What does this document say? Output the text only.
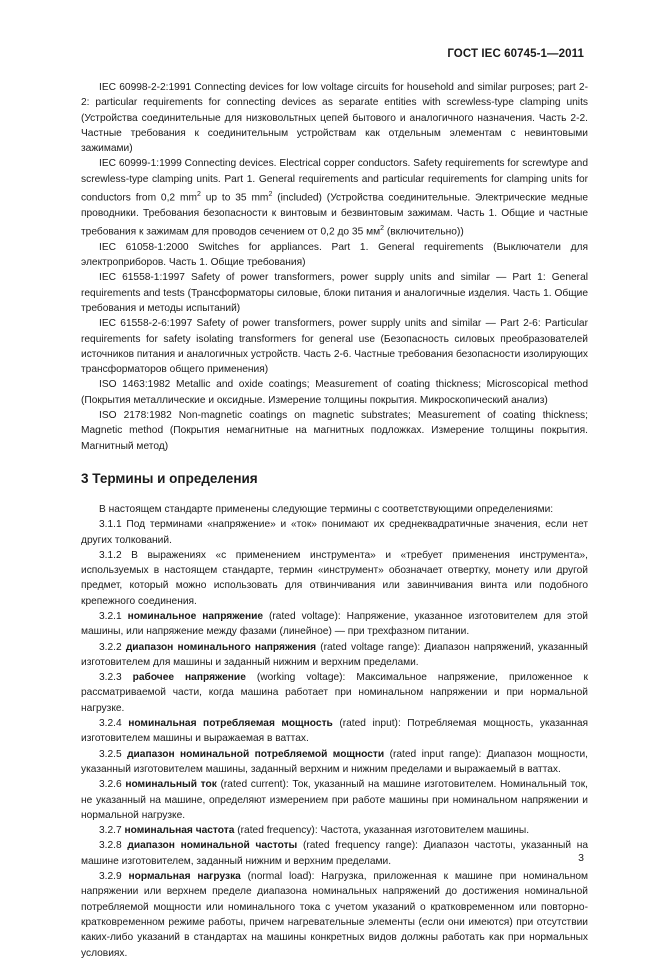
ГОСТ IEC 60745-1—2011

IEC 60998-2-2:1991 Connecting devices for low voltage circuits for household and similar purposes; part 2-2: particular requirements for connecting devices as separate entities with screwless-type clamping units (Устройства соединительные для низковольтных цепей бытового и аналогичного назначения. Часть 2-2. Частные требования к соединительным устройствам как отдельным элементам с невинтовыми зажимами)

IEC 60999-1:1999 Connecting devices. Electrical copper conductors. Safety requirements for screwtype and screwless-type clamping units. Part 1. General requirements and particular requirements for clamping units for conductors from 0,2 $mm^2$ up to 35 $mm^2$ (included) (Устройства соединительные. Электрические медные проводники. Требования безопасности к винтовым и безвинтовым зажимам. Часть 1. Общие и частные требования к зажимам для проводов сечением от 0,2 до 35 $мм^2$ (включительно))

IEC 61058-1:2000 Switches for appliances. Part 1. General requirements (Выключатели для электроприборов. Часть 1. Общие требования)

IEC 61558-1:1997 Safety of power transformers, power supply units and similar — Part 1: General requirements and tests (Трансформаторы силовые, блоки питания и аналогичные изделия. Часть 1. Общие требования и методы испытаний)

IEC 61558-2-6:1997 Safety of power transformers, power supply units and similar — Part 2-6: Particular requirements for safety isolating transformers for general use (Безопасность силовых преобразователей источников питания и аналогичных устройств. Часть 2-6. Частные требования безопасности изолирующих трансформаторов общего применения)

ISO 1463:1982 Metallic and oxide coatings; Measurement of coating thickness; Microscopical method (Покрытия металлические и оксидные. Измерение толщины покрытия. Микроскопический анализ)

ISO 2178:1982 Non-magnetic coatings on magnetic substrates; Measurement of coating thickness; Magnetic method (Покрытия немагнитные на магнитных подложках. Измерение толщины покрытия. Магнитный метод)

3 Термины и определения

В настоящем стандарте применены следующие термины с соответствующими определениями:

3.1.1 Под терминами «напряжение» и «ток» понимают их среднеквадратичные значения, если нет других толкований.

3.1.2 В выражениях «с применением инструмента» и «требует применения инструмента», используемых в настоящем стандарте, термин «инструмент» обозначает отвертку, монету или другой предмет, который можно использовать для отвинчивания или завинчивания винта или подобного крепежного соединения.

3.2.1 номинальное напряжение (rated voltage): Напряжение, указанное изготовителем для этой машины, или напряжение между фазами (линейное) — при трехфазном питании.

3.2.2 диапазон номинального напряжения (rated voltage range): Диапазон напряжений, указанный изготовителем для машины и заданный нижним и верхним пределами.

3.2.3 рабочее напряжение (working voltage): Максимальное напряжение, приложенное к рассматриваемой части, когда машина работает при номинальном напряжении и при нормальной нагрузке.

3.2.4 номинальная потребляемая мощность (rated input): Потребляемая мощность, указанная изготовителем машины и выражаемая в ваттах.

3.2.5 диапазон номинальной потребляемой мощности (rated input range): Диапазон мощности, указанный изготовителем машины, заданный верхним и нижним пределами и выражаемый в ваттах.

3.2.6 номинальный ток (rated current): Ток, указанный на машине изготовителем. Номинальный ток, не указанный на машине, определяют измерением при работе машины при номинальном напряжении и нормальной нагрузке.

3.2.7 номинальная частота (rated frequency): Частота, указанная изготовителем машины.

3.2.8 диапазон номинальной частоты (rated frequency range): Диапазон частоты, указанный на машине изготовителем, заданный нижним и верхним пределами.

3.2.9 нормальная нагрузка (normal load): Нагрузка, приложенная к машине при номинальном напряжении или верхнем пределе диапазона номинальных напряжений до достижения номинальной потребляемой мощности или номинального тока с учетом указаний о кратковременном или повторно-кратковременном режиме работы, причем нагревательные элементы (если они имеются) при отсутствии каких-либо указаний в стандартах на машины конкретных видов должны работать как при нормальных условиях.

3
